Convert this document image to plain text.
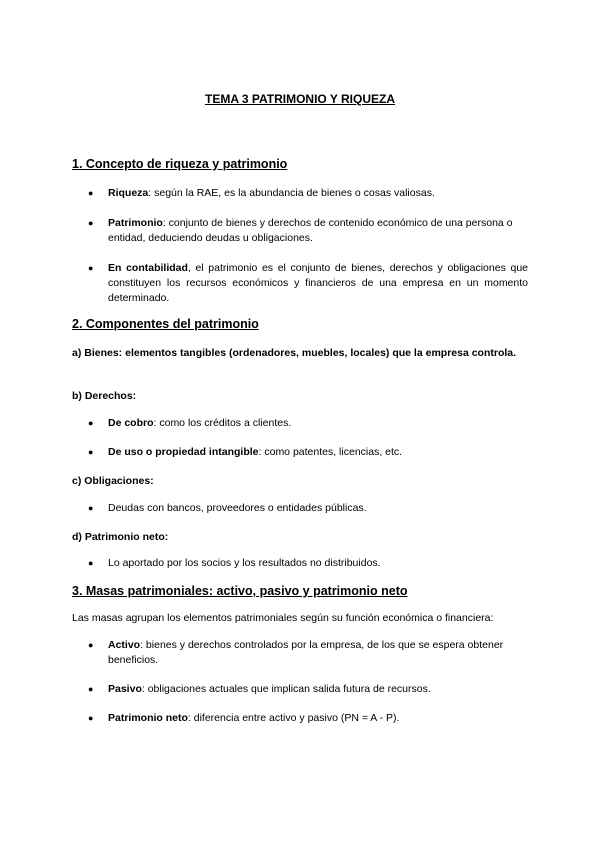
TEMA 3 PATRIMONIO Y RIQUEZA
1. Concepto de riqueza y patrimonio
● Riqueza: según la RAE, es la abundancia de bienes o cosas valiosas.
● Patrimonio: conjunto de bienes y derechos de contenido económico de una persona o entidad, deduciendo deudas u obligaciones.
● En contabilidad, el patrimonio es el conjunto de bienes, derechos y obligaciones que constituyen los recursos económicos y financieros de una empresa en un momento determinado.
2. Componentes del patrimonio
a) Bienes: elementos tangibles (ordenadores, muebles, locales) que la empresa controla.
b) Derechos:
● De cobro: como los créditos a clientes.
● De uso o propiedad intangible: como patentes, licencias, etc.
c) Obligaciones:
● Deudas con bancos, proveedores o entidades públicas.
d) Patrimonio neto:
● Lo aportado por los socios y los resultados no distribuidos.
3. Masas patrimoniales: activo, pasivo y patrimonio neto
Las masas agrupan los elementos patrimoniales según su función económica o financiera:
● Activo: bienes y derechos controlados por la empresa, de los que se espera obtener beneficios.
● Pasivo: obligaciones actuales que implican salida futura de recursos.
● Patrimonio neto: diferencia entre activo y pasivo (PN = A - P).
